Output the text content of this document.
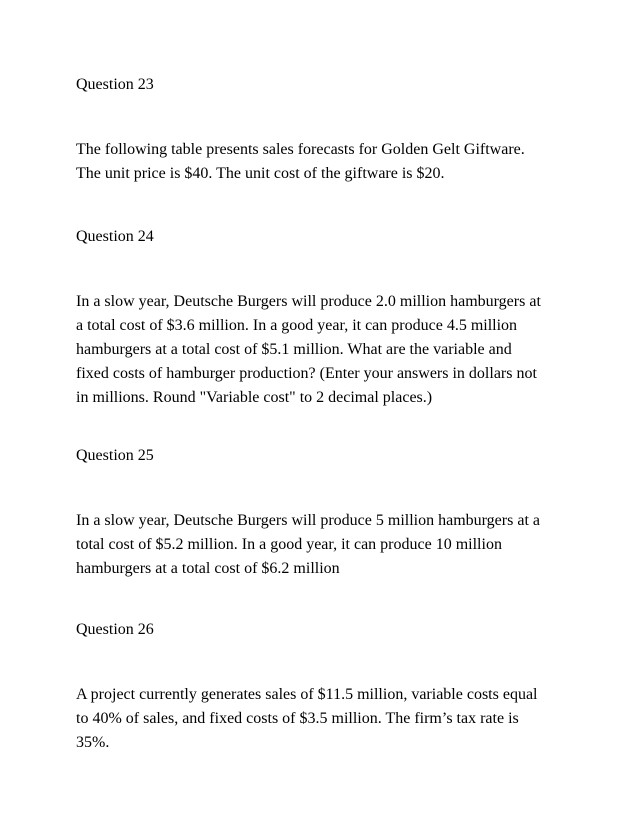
Question 23

The following table presents sales forecasts for Golden Gelt Giftware.
The unit price is $40. The unit cost of the giftware is $20.

Question 24

In a slow year, Deutsche Burgers will produce 2.0 million hamburgers at
a total cost of $3.6 million. In a good year, it can produce 4.5 million
hamburgers at a total cost of $5.1 million. What are the variable and
fixed costs of hamburger production? (Enter your answers in dollars not
in millions. Round "Variable cost" to 2 decimal places.)

Question 25

In a slow year, Deutsche Burgers will produce 5 million hamburgers at a
total cost of $5.2 million. In a good year, it can produce 10 million
hamburgers at a total cost of $6.2 million

Question 26

A project currently generates sales of $11.5 million, variable costs equal
to 40% of sales, and fixed costs of $3.5 million. The firm’s tax rate is
35%.
